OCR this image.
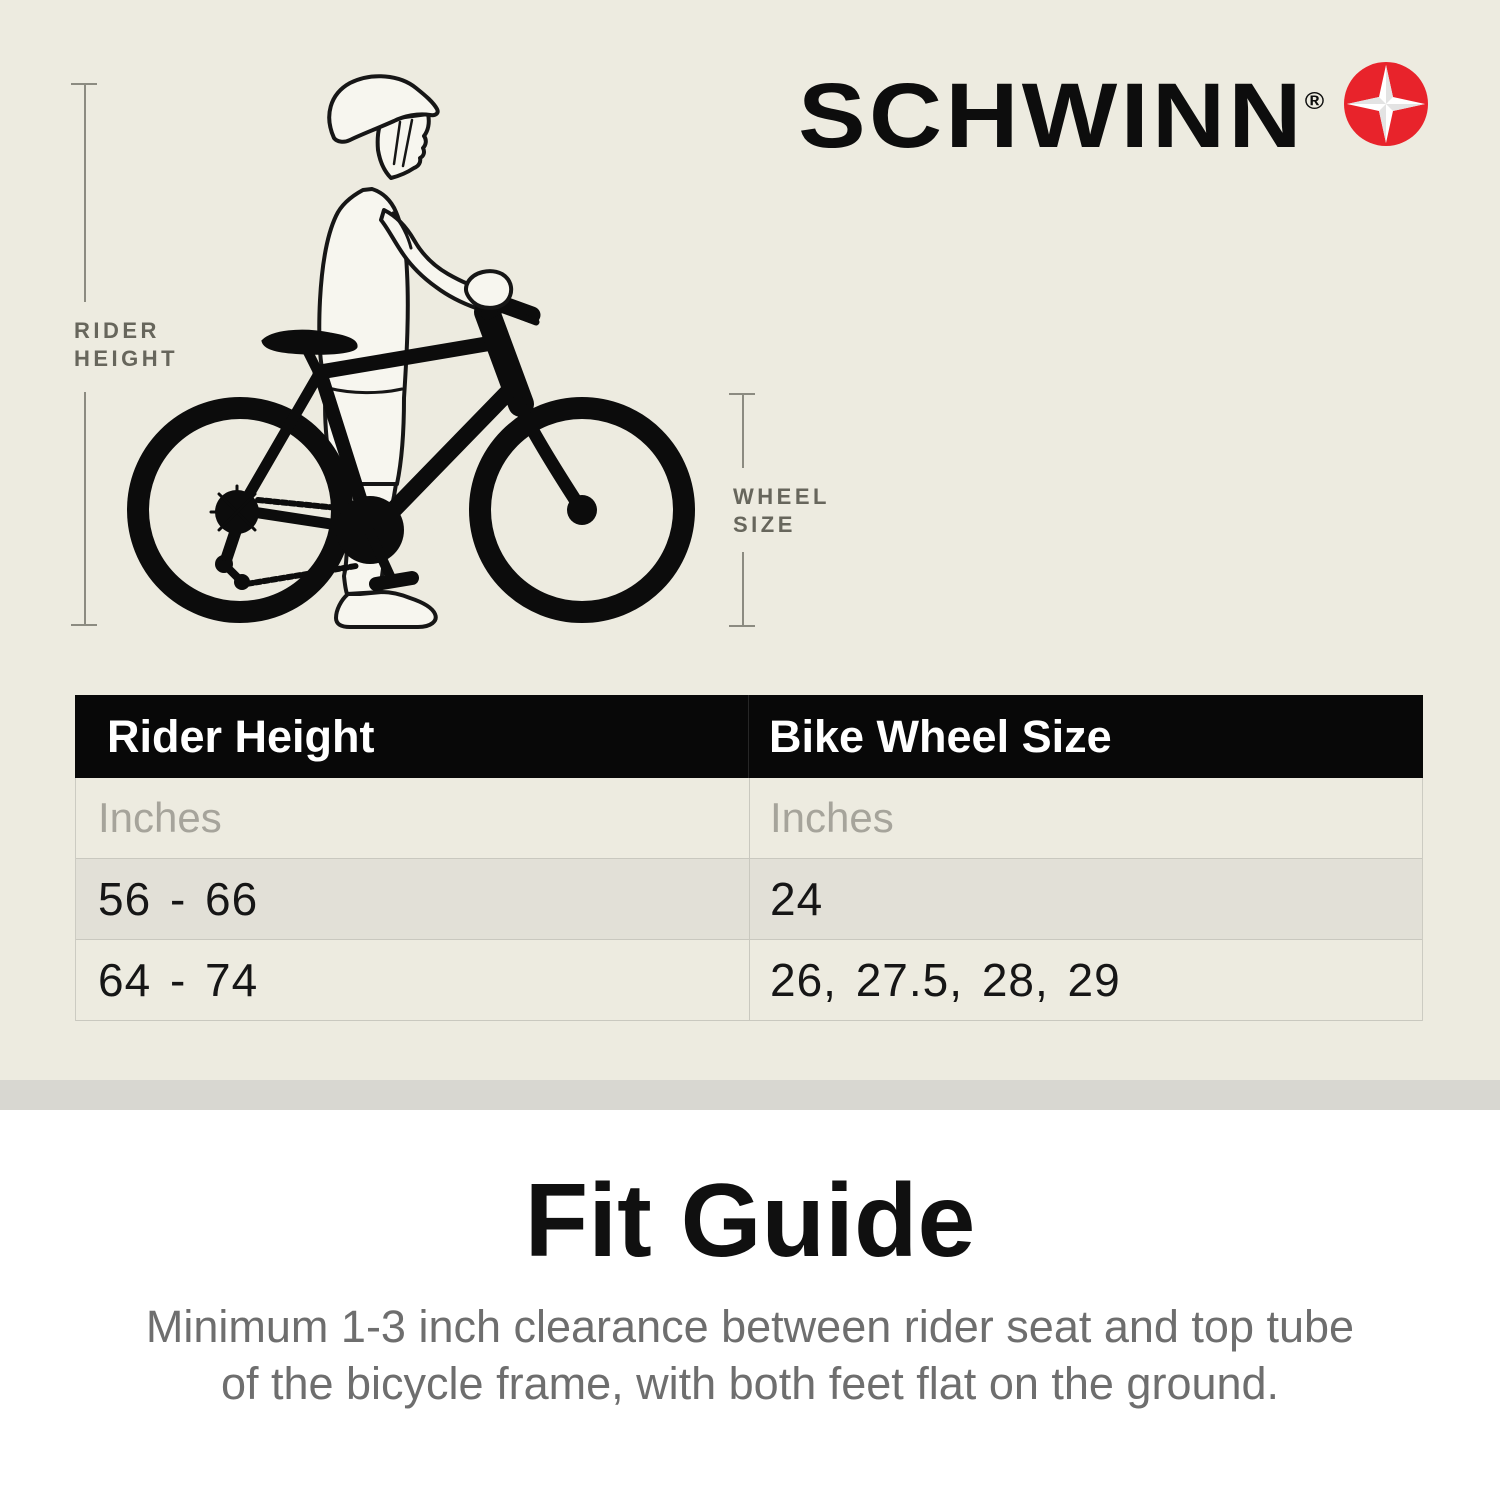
SCHWINN®
RIDER
HEIGHT
WHEEL
SIZE
Rider Height	Bike Wheel Size
Inches	Inches
56 - 66	24
64 - 74	26, 27.5, 28, 29
Fit Guide
Minimum 1-3 inch clearance between rider seat and top tube
of the bicycle frame, with both feet flat on the ground.
